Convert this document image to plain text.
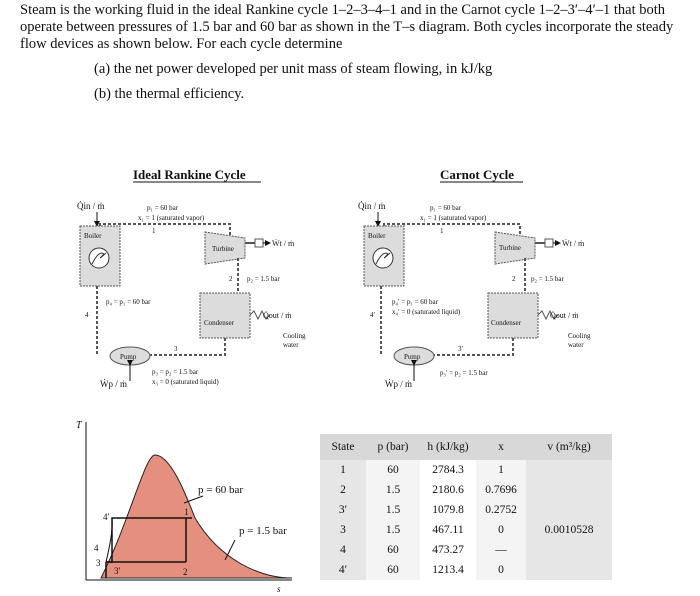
Steam is the working fluid in the ideal Rankine cycle 1–2–3–4–1 and in the Carnot cycle 1–2–3′–4′–1 that both operate between pressures of 1.5 bar and 60 bar as shown in the T–s diagram. Both cycles incorporate the steady flow devices as shown below. For each cycle determine
(a) the net power developed per unit mass of steam flowing, in kJ/kg
(b) the thermal efficiency.
Ideal Rankine Cycle
Q̇in / ṁ	p₁ = 60 bar
x₁ = 1 (saturated vapor)
1
Boiler
Turbine
Ẇt / ṁ
2 p₂ = 1.5 bar
p₄ = p₁ = 60 bar
4
Condenser
Q̇out / ṁ
Cooling
water
3
Pump
Ẇp / ṁ
p₃ = p₂ = 1.5 bar
x₃ = 0 (saturated liquid)
Carnot Cycle
Q̇in / ṁ	p₁ = 60 bar
x₁ = 1 (saturated vapor)
1
Boiler
Turbine	Ẇt / ṁ
2 p₂ = 1.5 bar
p₄′ = p₁ = 60 bar
x₄′ = 0 (saturated liquid)
4′
Condenser
Q̇out / ṁ
Cooling
water
3′
Pump
Ẇp / ṁ
p₃′ = p₂ = 1.5 bar
T
s
p = 60 bar
p = 1.5 bar
1
2
3
3′
4
4′
State	p (bar)	h (kJ/kg)	x	v (m³/kg)
1	60	2784.3	1	
2	1.5	2180.6	0.7696	
3′	1.5	1079.8	0.2752	
3	1.5	467.11	0	0.0010528
4	60	473.27	—	
4′	60	1213.4	0	
